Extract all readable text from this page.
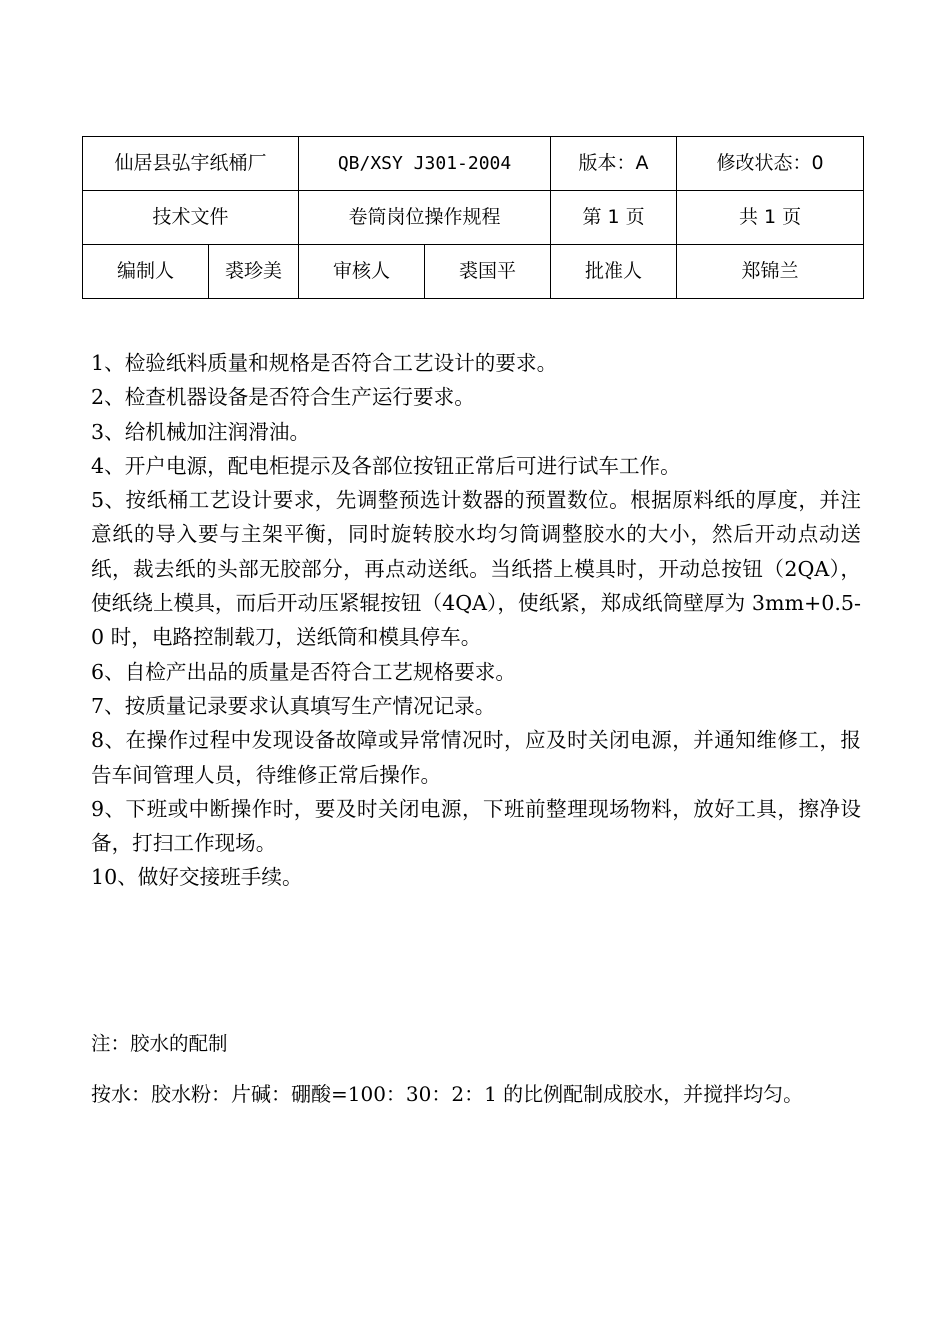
仙居县弘宇纸桶厂		QB/XSY J301-2004		版本：A	修改状态：0
技术文件		卷筒岗位操作规程		第 1 页	共 1 页
编制人	裘珍美	审核人	裘国平	批准人	郑锦兰

1、检验纸料质量和规格是否符合工艺设计的要求。

2、检查机器设备是否符合生产运行要求。

3、给机械加注润滑油。

4、开户电源，配电柜提示及各部位按钮正常后可进行试车工作。

5、按纸桶工艺设计要求，先调整预选计数器的预置数位。根据原料纸的厚度，并注意纸的导入要与主架平衡，同时旋转胶水均匀筒调整胶水的大小，然后开动点动送纸，裁去纸的头部无胶部分，再点动送纸。当纸搭上模具时，开动总按钮（2QA），使纸绕上模具，而后开动压紧辊按钮（4QA），使纸紧，郑成纸筒壁厚为 3mm+0.5-0 时，电路控制载刀，送纸筒和模具停车。

6、自检产出品的质量是否符合工艺规格要求。

7、按质量记录要求认真填写生产情况记录。

8、在操作过程中发现设备故障或异常情况时，应及时关闭电源，并通知维修工，报告车间管理人员，待维修正常后操作。

9、下班或中断操作时，要及时关闭电源，下班前整理现场物料，放好工具，擦净设备，打扫工作现场。

10、做好交接班手续。

注：胶水的配制

按水：胶水粉：片碱：硼酸=100：30：2：1 的比例配制成胶水，并搅拌均匀。
